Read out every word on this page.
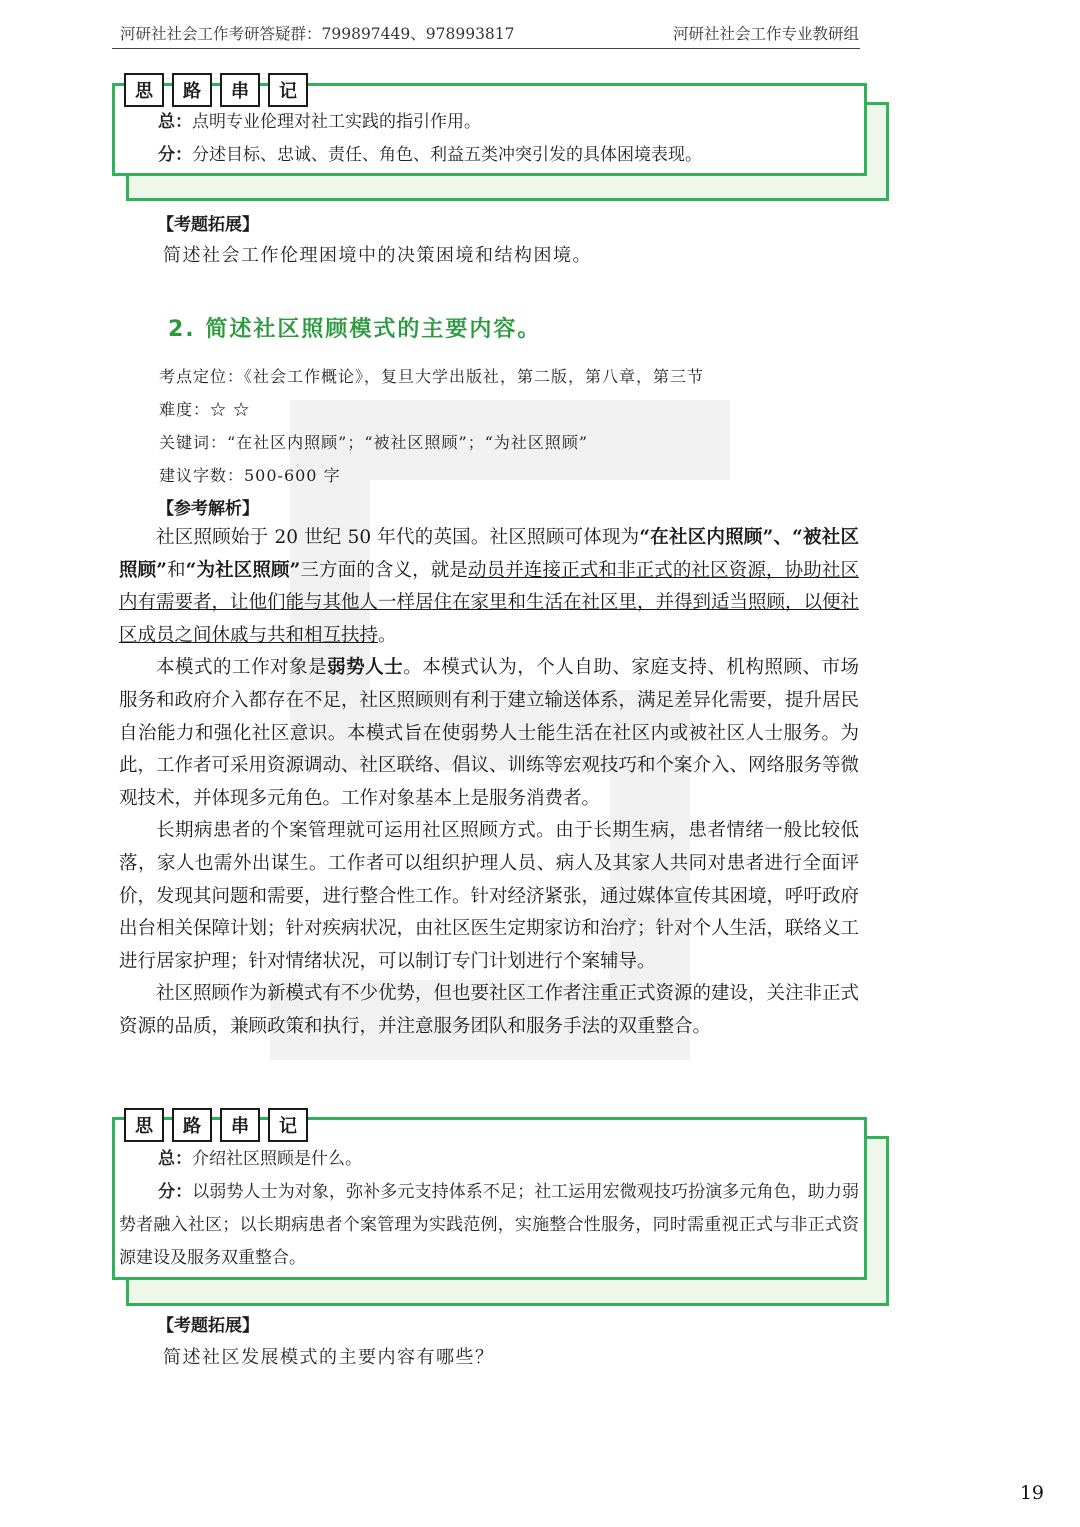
河研社社会工作考研答疑群：799897449、978993817	河研社社会工作专业教研组
思	路	串	记
总：点明专业伦理对社工实践的指引作用。
分：分述目标、忠诚、责任、角色、利益五类冲突引发的具体困境表现。
【考题拓展】
简述社会工作伦理困境中的决策困境和结构困境。
2. 简述社区照顾模式的主要内容。
考点定位：《社会工作概论》，复旦大学出版社，第二版，第八章，第三节
难度：☆ ☆
关键词：“在社区内照顾”；“被社区照顾”；“为社区照顾”
建议字数：500-600 字
【参考解析】

社区照顾始于 20 世纪 50 年代的英国。社区照顾可体现为“在社区内照顾”、“被社区照顾”和“为社区照顾”三方面的含义，就是动员并连接正式和非正式的社区资源，协助社区内有需要者，让他们能与其他人一样居住在家里和生活在社区里，并得到适当照顾，以便社区成员之间休戚与共和相互扶持。

本模式的工作对象是弱势人士。本模式认为，个人自助、家庭支持、机构照顾、市场服务和政府介入都存在不足，社区照顾则有利于建立输送体系，满足差异化需要，提升居民自治能力和强化社区意识。本模式旨在使弱势人士能生活在社区内或被社区人士服务。为此，工作者可采用资源调动、社区联络、倡议、训练等宏观技巧和个案介入、网络服务等微观技术，并体现多元角色。工作对象基本上是服务消费者。

长期病患者的个案管理就可运用社区照顾方式。由于长期生病，患者情绪一般比较低落，家人也需外出谋生。工作者可以组织护理人员、病人及其家人共同对患者进行全面评价，发现其问题和需要，进行整合性工作。针对经济紧张，通过媒体宣传其困境，呼吁政府出台相关保障计划；针对疾病状况，由社区医生定期家访和治疗；针对个人生活，联络义工进行居家护理；针对情绪状况，可以制订专门计划进行个案辅导。

社区照顾作为新模式有不少优势，但也要社区工作者注重正式资源的建设，关注非正式资源的品质，兼顾政策和执行，并注意服务团队和服务手法的双重整合。

思	路	串	记
总：介绍社区照顾是什么。
分：以弱势人士为对象，弥补多元支持体系不足；社工运用宏微观技巧扮演多元角色，助力弱势者融入社区；以长期病患者个案管理为实践范例，实施整合性服务，同时需重视正式与非正式资源建设及服务双重整合。
【考题拓展】
简述社区发展模式的主要内容有哪些？
19
